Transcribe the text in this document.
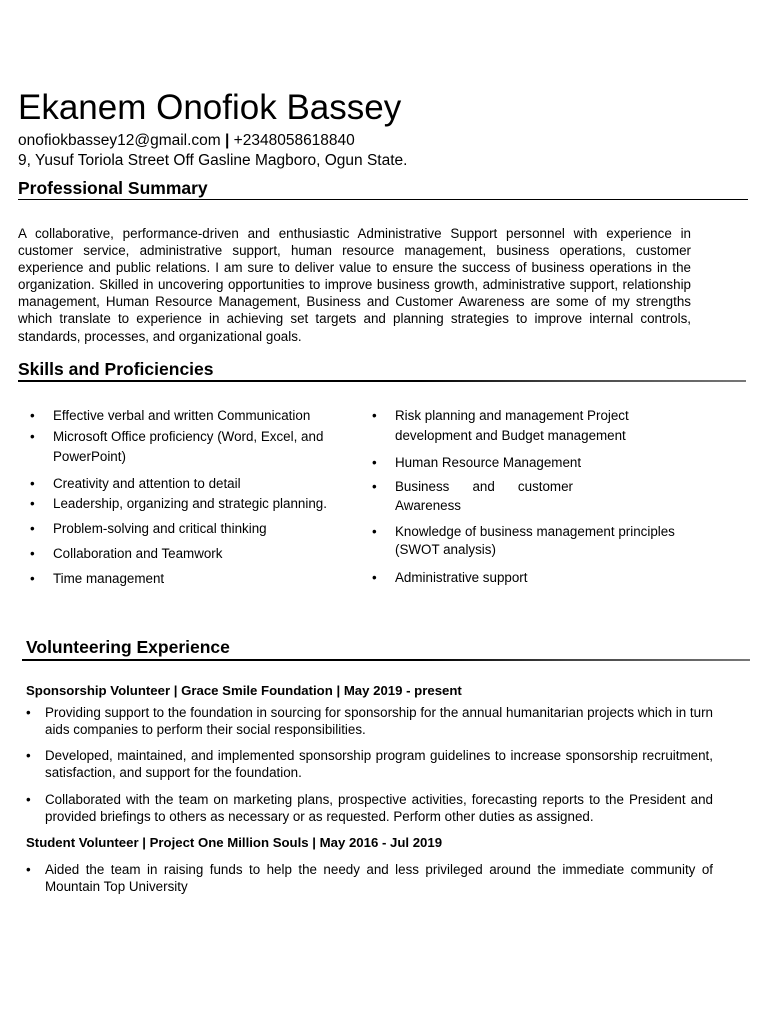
Ekanem Onofiok Bassey
onofiokbassey12@gmail.com | +2348058618840
9, Yusuf Toriola Street Off Gasline Magboro, Ogun State.
Professional Summary
A collaborative, performance-driven and enthusiastic Administrative Support personnel with experience in customer service, administrative support, human resource management, business operations, customer experience and public relations. I am sure to deliver value to ensure the success of business operations in the organization. Skilled in uncovering opportunities to improve business growth, administrative support, relationship management, Human Resource Management, Business and Customer Awareness are some of my strengths which translate to experience in achieving set targets and planning strategies to improve internal controls, standards, processes, and organizational goals.
Skills and Proficiencies
• Effective verbal and written Communication
• Microsoft Office proficiency (Word, Excel, and PowerPoint)
• Creativity and attention to detail
• Leadership, organizing and strategic planning.
• Problem-solving and critical thinking
• Collaboration and Teamwork
• Time management
• Risk planning and management Project development and Budget management
• Human Resource Management
• Business and customer Awareness
• Knowledge of business management principles (SWOT analysis)
• Administrative support
Volunteering Experience
Sponsorship Volunteer | Grace Smile Foundation | May 2019 - present
• Providing support to the foundation in sourcing for sponsorship for the annual humanitarian projects which in turn aids companies to perform their social responsibilities.
• Developed, maintained, and implemented sponsorship program guidelines to increase sponsorship recruitment, satisfaction, and support for the foundation.
• Collaborated with the team on marketing plans, prospective activities, forecasting reports to the President and provided briefings to others as necessary or as requested. Perform other duties as assigned.
Student Volunteer | Project One Million Souls | May 2016 - Jul 2019
• Aided the team in raising funds to help the needy and less privileged around the immediate community of Mountain Top University
